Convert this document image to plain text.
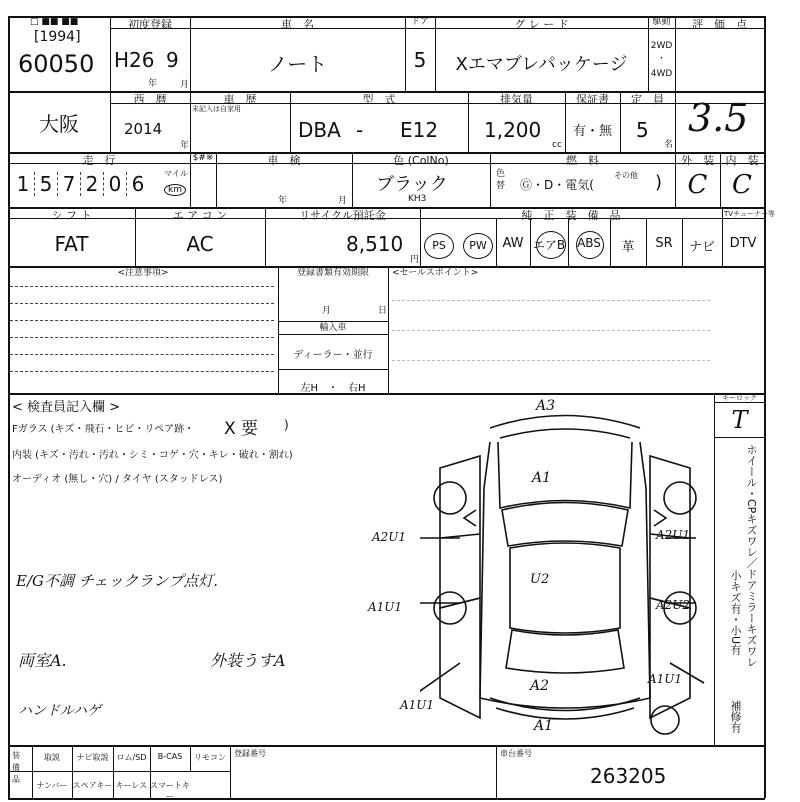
□ ■■ ■■
[1994]
60050
初度登録
H26 9
年	月
車　名
ノート
ドア
5
グ レ ー ド
Xエマブレパッケージ
駆動
2WD
・
4WD
評　価　点
3.5
大阪
西　暦
2014
年
車　歴
未記入は自家用
型　式
DBA - E12
排気量
1,200
cc
保証書
有・無
定　員
5
名
走　行
1 5 7 2 0 6	マイル
km
$#※	車　検
年	月
色 (ColNo)
ブラック
KH3
色替
燃　料
Ⓖ・D・電気(
その他 )
外　装
C
内　装
C
シ フ ト
FAT
エ ア コ ン
AC
リサイクル預託金
8,510
円
純　正　装　備　品	TVチューナー等
PS	PW	AW エアB ABS	革	SR	ナビ	DTV
<注意事項>	登録書類有効期限
月	日
輸入車
ディーラー・並行
左H　・　右H
<セールスポイント>
< 検査員記入欄 >
Fガラス (キズ・飛石・ヒビ・リペア跡・ X 要 )
内装 (キズ・汚れ・汚れ・シミ・コゲ・穴・キレ・破れ・割れ)
オーディオ (無し・穴) / タイヤ (スタッドレス)
E/G不調 チェックランプ点灯.
両室A.	外装うすA
ハンドルハゲ
A3
A1
A2U1	A2U1
U2
A1U1	A2U2
A2
A1U1
A1U1
A1
キーロック
T
ホイール・CPキズワレ／ドアミラーキズワレ
小キズ有・小U有
補修有
装備品
取説	ナビ取説	ロム/SD	B-CAS	リモコン
ナンバー スペアキー キーレス スマートキー
登録番号	車台番号
263205
